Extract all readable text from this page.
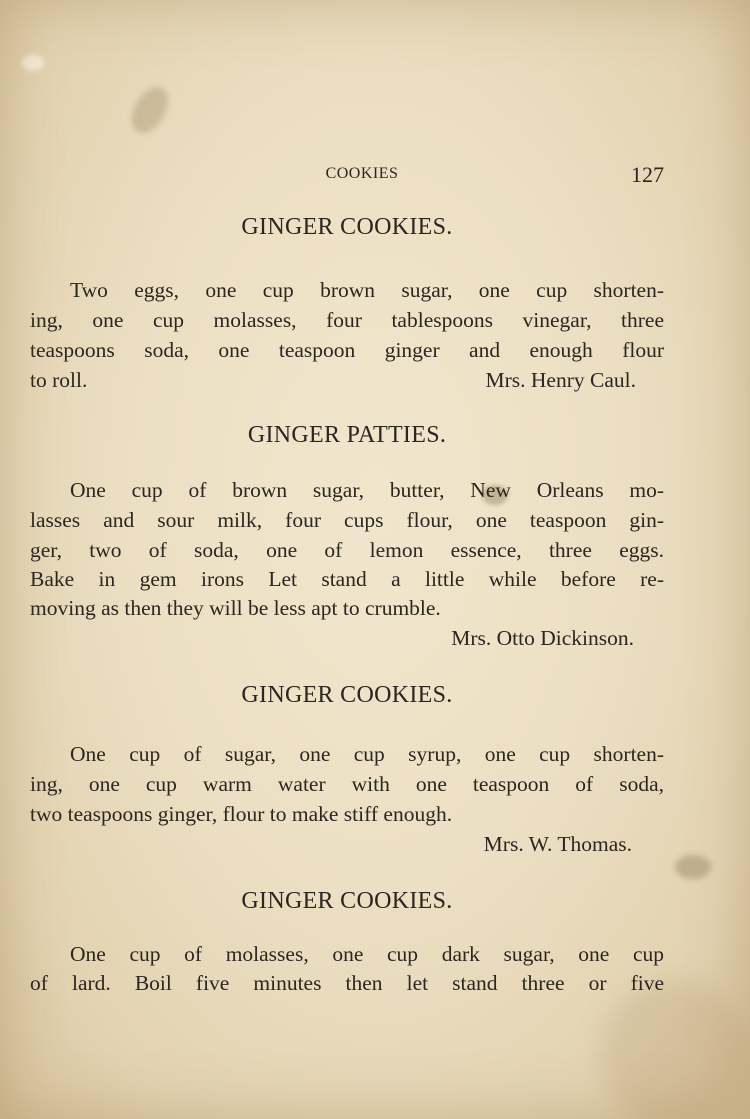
COOKIES	127
GINGER COOKIES.
Two eggs, one cup brown sugar, one cup shorten-
ing, one cup molasses, four tablespoons vinegar, three
teaspoons soda, one teaspoon ginger and enough flour
to roll.	Mrs. Henry Caul.
GINGER PATTIES.
One cup of brown sugar, butter, New Orleans mo-
lasses and sour milk, four cups flour, one teaspoon gin-
ger, two of soda, one of lemon essence, three eggs.
Bake in gem irons Let stand a little while before re-
moving as then they will be less apt to crumble.
Mrs. Otto Dickinson.
GINGER COOKIES.
One cup of sugar, one cup syrup, one cup shorten-
ing, one cup warm water with one teaspoon of soda,
two teaspoons ginger, flour to make stiff enough.
Mrs. W. Thomas.
GINGER COOKIES.
One cup of molasses, one cup dark sugar, one cup
of lard. Boil five minutes then let stand three or five
